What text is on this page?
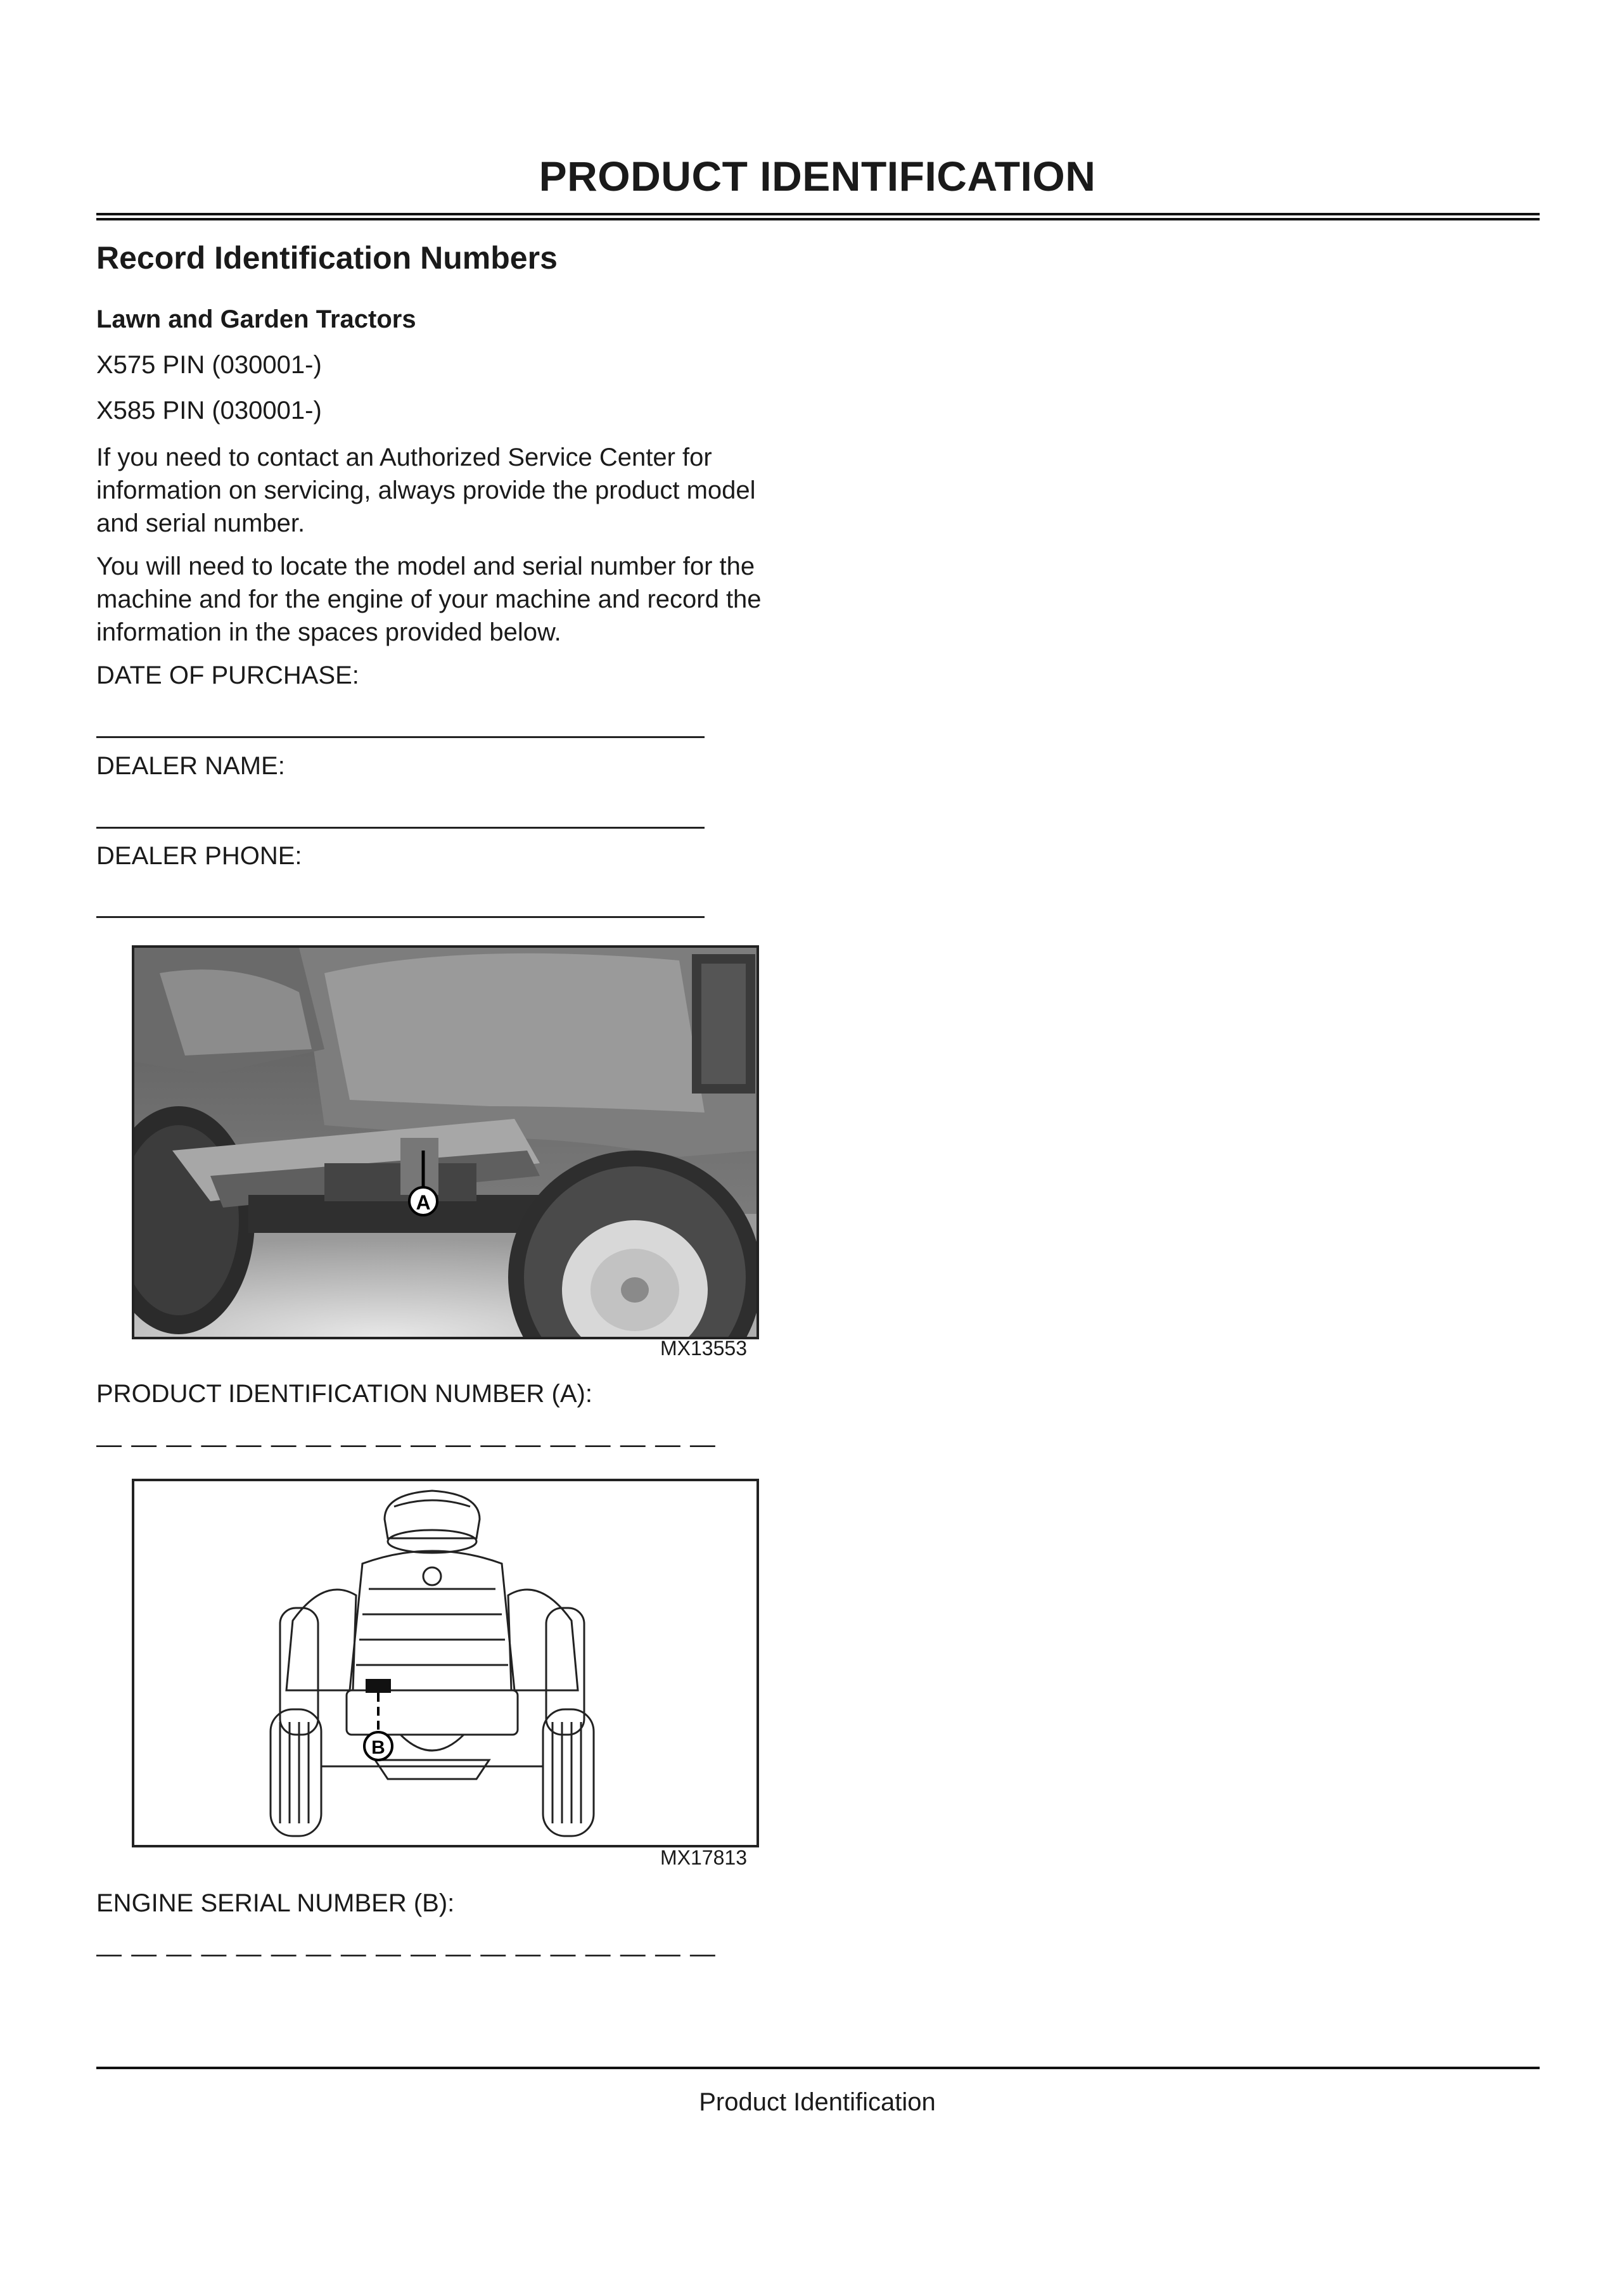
PRODUCT IDENTIFICATION
Record Identification Numbers
Lawn and Garden Tractors

X575 PIN (030001-)

X585 PIN (030001-)

If you need to contact an Authorized Service Center for information on servicing, always provide the product model and serial number.

You will need to locate the model and serial number for the machine and for the engine of your machine and record the information in the spaces provided below.

DATE OF PURCHASE:

DEALER NAME:

DEALER PHONE:

A
MX13553

PRODUCT IDENTIFICATION NUMBER (A):

— — — — — — — — — — — — — — — — — —
B
MX17813

ENGINE SERIAL NUMBER (B):

— — — — — — — — — — — — — — — — — —
Product Identification
